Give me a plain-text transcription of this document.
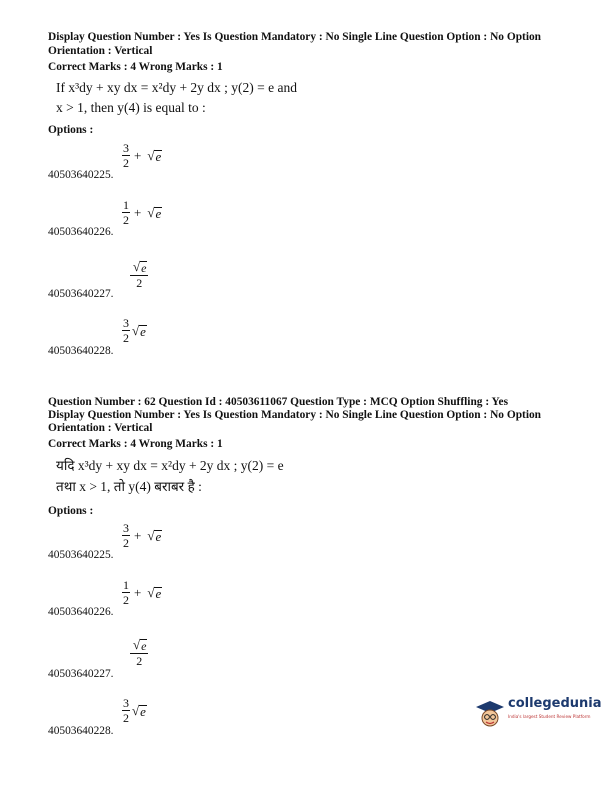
Display Question Number : Yes Is Question Mandatory : No Single Line Question Option : No Option
Orientation : Vertical
Correct Marks : 4 Wrong Marks : 1
If x³dy + xy dx = x²dy + 2y dx ; y(2) = e and
x > 1, then y(4) is equal to :
Options :
$\frac{3}{2}$ + √ e
40503640225.
$\frac{1}{2}$ + √ e
40503640226.
$\frac{√ e}{2}$
40503640227.
$\frac{3}{2}$ √ e
40503640228.
Question Number : 62 Question Id : 40503611067 Question Type : MCQ Option Shuffling : Yes
Display Question Number : Yes Is Question Mandatory : No Single Line Question Option : No Option
Orientation : Vertical
Correct Marks : 4 Wrong Marks : 1
यदि x³dy + xy dx = x²dy + 2y dx ; y(2) = e
तथा x > 1, तो y(4) बराबर है :
Options :
$\frac{3}{2}$ + √ e
40503640225.
$\frac{1}{2}$ + √ e
40503640226.
$\frac{√ e}{2}$
40503640227.
$\frac{3}{2}$ √ e
40503640228.
collegedunia
India's largest Student Review Platform
